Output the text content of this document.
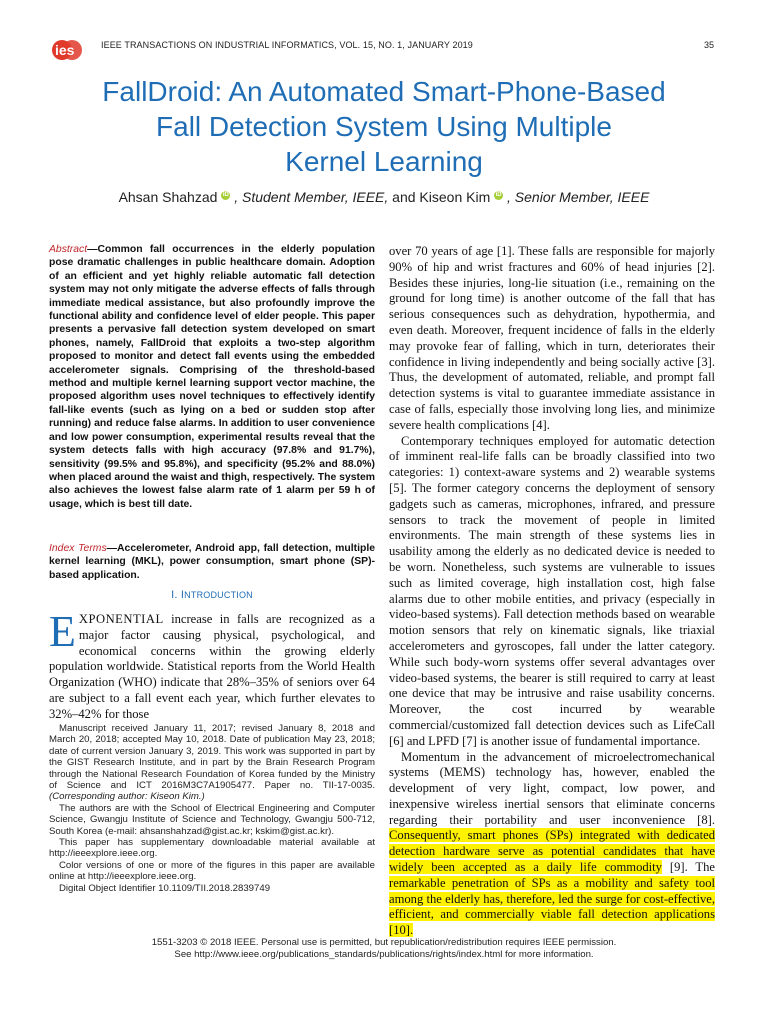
ies	IEEE TRANSACTIONS ON INDUSTRIAL INFORMATICS, VOL. 15, NO. 1, JANUARY 2019	35
FallDroid: An Automated Smart-Phone-Based
Fall Detection System Using Multiple
Kernel Learning
Ahsan Shahzad iD , Student Member, IEEE, and Kiseon Kim iD , Senior Member, IEEE
Abstract—Common fall occurrences in the elderly population pose dramatic challenges in public healthcare domain. Adoption of an efficient and yet highly reliable automatic fall detection system may not only mitigate the adverse effects of falls through immediate medical assistance, but also profoundly improve the functional ability and confidence level of elder people. This paper presents a pervasive fall detection system developed on smart phones, namely, FallDroid that exploits a two-step algorithm proposed to monitor and detect fall events using the embedded accelerometer signals. Comprising of the threshold-based method and multiple kernel learning support vector machine, the proposed algorithm uses novel techniques to effectively identify fall-like events (such as lying on a bed or sudden stop after running) and reduce false alarms. In addition to user convenience and low power consumption, experimental results reveal that the system detects falls with high accuracy (97.8% and 91.7%), sensitivity (99.5% and 95.8%), and specificity (95.2% and 88.0%) when placed around the waist and thigh, respectively. The system also achieves the lowest false alarm rate of 1 alarm per 59 h of usage, which is best till date.
Index Terms—Accelerometer, Android app, fall detection, multiple kernel learning (MKL), power consumption, smart phone (SP)-based application.
I. INTRODUCTION
EXPONENTIAL increase in falls are recognized as a major factor causing physical, psychological, and economical concerns within the growing elderly population worldwide. Statistical reports from the World Health Organization (WHO) indicate that 28%–35% of seniors over 64 are subject to a fall event each year, which further elevates to 32%–42% for those

Manuscript received January 11, 2017; revised January 8, 2018 and March 20, 2018; accepted May 10, 2018. Date of publication May 23, 2018; date of current version January 3, 2019. This work was supported in part by the GIST Research Institute, and in part by the Brain Research Program through the National Research Foundation of Korea funded by the Ministry of Science and ICT 2016M3C7A1905477. Paper no. TII-17-0035. (Corresponding author: Kiseon Kim.)

The authors are with the School of Electrical Engineering and Computer Science, Gwangju Institute of Science and Technology, Gwangju 500-712, South Korea (e-mail: ahsanshahzad@gist.ac.kr; kskim@gist.ac.kr).

This paper has supplementary downloadable material available at http://ieeexplore.ieee.org.

Color versions of one or more of the figures in this paper are available online at http://ieeexplore.ieee.org.

Digital Object Identifier 10.1109/TII.2018.2839749

over 70 years of age [1]. These falls are responsible for majorly 90% of hip and wrist fractures and 60% of head injuries [2]. Besides these injuries, long-lie situation (i.e., remaining on the ground for long time) is another outcome of the fall that has serious consequences such as dehydration, hypothermia, and even death. Moreover, frequent incidence of falls in the elderly may provoke fear of falling, which in turn, deteriorates their confidence in living independently and being socially active [3]. Thus, the development of automated, reliable, and prompt fall detection systems is vital to guarantee immediate assistance in case of falls, especially those involving long lies, and minimize severe health complications [4].

Contemporary techniques employed for automatic detection of imminent real-life falls can be broadly classified into two categories: 1) context-aware systems and 2) wearable systems [5]. The former category concerns the deployment of sensory gadgets such as cameras, microphones, infrared, and pressure sensors to track the movement of people in limited environments. The main strength of these systems lies in usability among the elderly as no dedicated device is needed to be worn. Nonetheless, such systems are vulnerable to issues such as limited coverage, high installation cost, high false alarms due to other mobile entities, and privacy (especially in video-based systems). Fall detection methods based on wearable motion sensors that rely on kinematic signals, like triaxial accelerometers and gyroscopes, fall under the latter category. While such body-worn systems offer several advantages over video-based systems, the bearer is still required to carry at least one device that may be intrusive and raise usability concerns. Moreover, the cost incurred by wearable commercial/customized fall detection devices such as LifeCall [6] and LPFD [7] is another issue of fundamental importance.

Momentum in the advancement of microelectromechanical systems (MEMS) technology has, however, enabled the development of very light, compact, low power, and inexpensive wireless inertial sensors that eliminate concerns regarding their portability and user inconvenience [8]. Consequently, smart phones (SPs) integrated with dedicated detection hardware serve as potential candidates that have widely been accepted as a daily life commodity [9]. The remarkable penetration of SPs as a mobility and safety tool among the elderly has, therefore, led the surge for cost-effective, efficient, and commercially viable fall detection applications [10].

1551-3203 © 2018 IEEE. Personal use is permitted, but republication/redistribution requires IEEE permission.
See http://www.ieee.org/publications_standards/publications/rights/index.html for more information.
